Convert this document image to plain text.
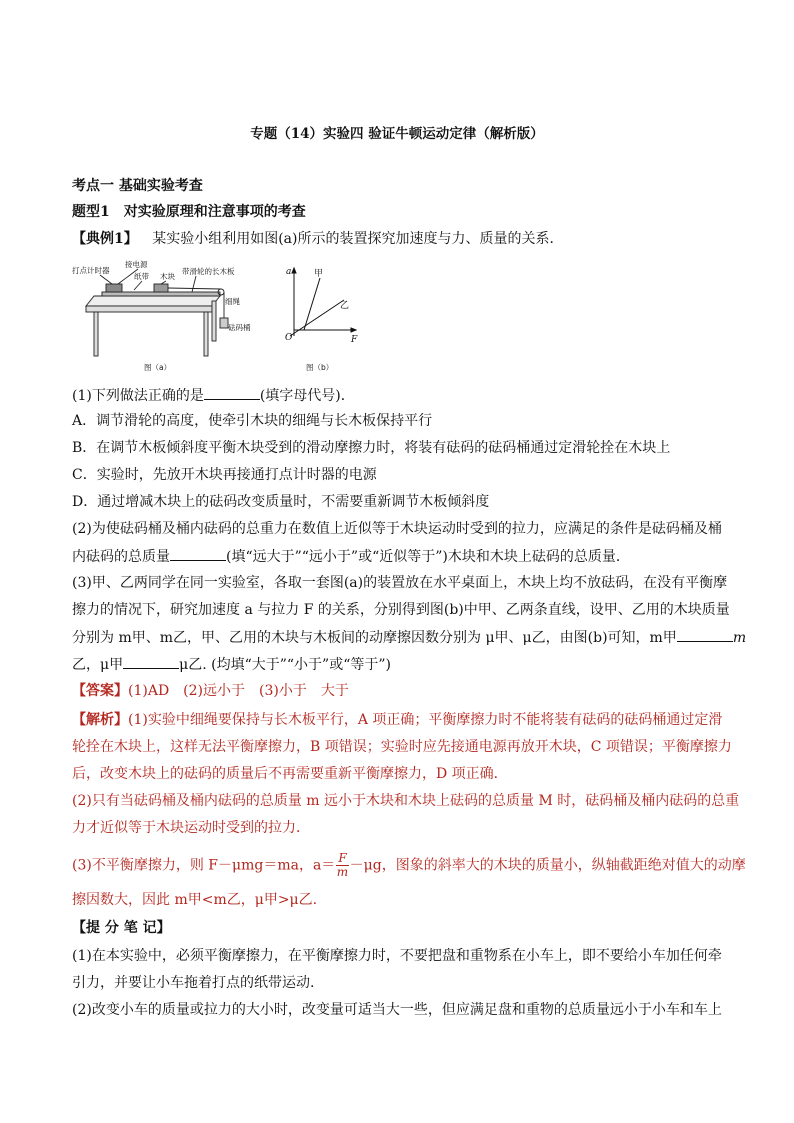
专题（14）实验四 验证牛顿运动定律（解析版）
考点一 基础实验考查
题型1　对实验原理和注意事项的考查
【典例1】 某实验小组利用如图(a)所示的装置探究加速度与力、质量的关系．
打点计时器
接电源
纸带 木块
带滑轮的长木板
细绳
砝码桶
图（a）
a
F
O
甲
乙
图（b）
(1)下列做法正确的是	(填字母代号)．
A．调节滑轮的高度，使牵引木块的细绳与长木板保持平行
B．在调节木板倾斜度平衡木块受到的滑动摩擦力时，将装有砝码的砝码桶通过定滑轮拴在木块上
C．实验时，先放开木块再接通打点计时器的电源
D．通过增减木块上的砝码改变质量时，不需要重新调节木板倾斜度
(2)为使砝码桶及桶内砝码的总重力在数值上近似等于木块运动时受到的拉力，应满足的条件是砝码桶及桶
内砝码的总质量	(填“远大于”“远小于”或“近似等于”)木块和木块上砝码的总质量．
(3)甲、乙两同学在同一实验室，各取一套图(a)的装置放在水平桌面上，木块上均不放砝码，在没有平衡摩
擦力的情况下，研究加速度 a 与拉力 F 的关系，分别得到图(b)中甲、乙两条直线，设甲、乙用的木块质量
分别为 m甲、m乙，甲、乙用的木块与木板间的动摩擦因数分别为 μ甲、μ乙，由图(b)可知，m甲	m
乙，μ甲	μ乙. (均填“大于”“小于”或“等于”)
【答案】(1)AD　(2)远小于　(3)小于　大于
【解析】(1)实验中细绳要保持与长木板平行，A 项正确；平衡摩擦力时不能将装有砝码的砝码桶通过定滑
轮拴在木块上，这样无法平衡摩擦力，B 项错误；实验时应先接通电源再放开木块，C 项错误；平衡摩擦力
后，改变木块上的砝码的质量后不再需要重新平衡摩擦力，D 项正确．
(2)只有当砝码桶及桶内砝码的总质量 m 远小于木块和木块上砝码的总质量 M 时，砝码桶及桶内砝码的总重
力才近似等于木块运动时受到的拉力．
(3)不平衡摩擦力，则 F－μmg＝ma，$a= \frac{F}{m} -\mu g$，图象的斜率大的木块的质量小，纵轴截距绝对值大的动摩
擦因数大，因此 m甲<m乙，μ甲>μ乙.
【提 分 笔 记】
(1)在本实验中，必须平衡摩擦力，在平衡摩擦力时，不要把盘和重物系在小车上，即不要给小车加任何牵
引力，并要让小车拖着打点的纸带运动.
(2)改变小车的质量或拉力的大小时，改变量可适当大一些，但应满足盘和重物的总质量远小于小车和车上
